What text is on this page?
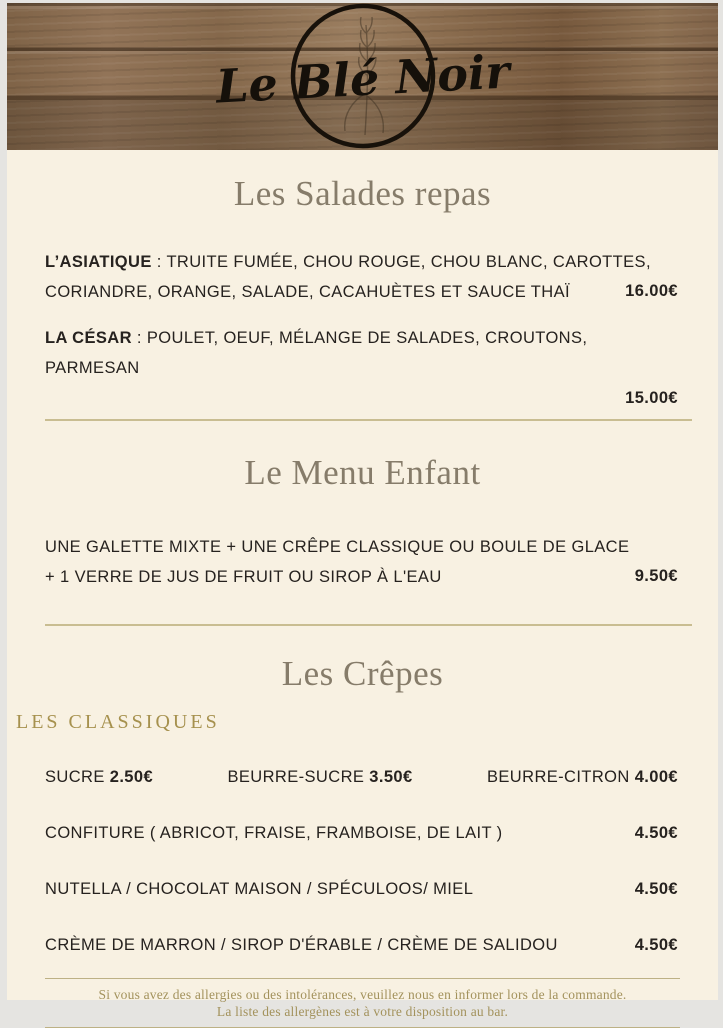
Le Blé Noir
Les Salades repas
L’ASIATIQUE : TRUITE FUMÉE, CHOU ROUGE, CHOU BLANC, CAROTTES,
CORIANDRE, ORANGE, SALADE, CACAHUÈTES ET SAUCE THAÏ	16.00€
LA CÉSAR : POULET, OEUF, MÉLANGE DE SALADES, CROUTONS, PARMESAN
15.00€
Le Menu Enfant
UNE GALETTE MIXTE + UNE CRÊPE CLASSIQUE OU BOULE DE GLACE
+ 1 VERRE DE JUS DE FRUIT OU SIROP À L'EAU	9.50€
Les Crêpes
LES CLASSIQUES
SUCRE 2.50€	BEURRE-SUCRE 3.50€	BEURRE-CITRON 4.00€
CONFITURE ( ABRICOT, FRAISE, FRAMBOISE, DE LAIT )	4.50€
NUTELLA / CHOCOLAT MAISON / SPÉCULOOS/ MIEL	4.50€
CRÈME DE MARRON / SIROP D'ÉRABLE / CRÈME DE SALIDOU	4.50€
Si vous avez des allergies ou des intolérances, veuillez nous en informer lors de la commande.
La liste des allergènes est à votre disposition au bar.
